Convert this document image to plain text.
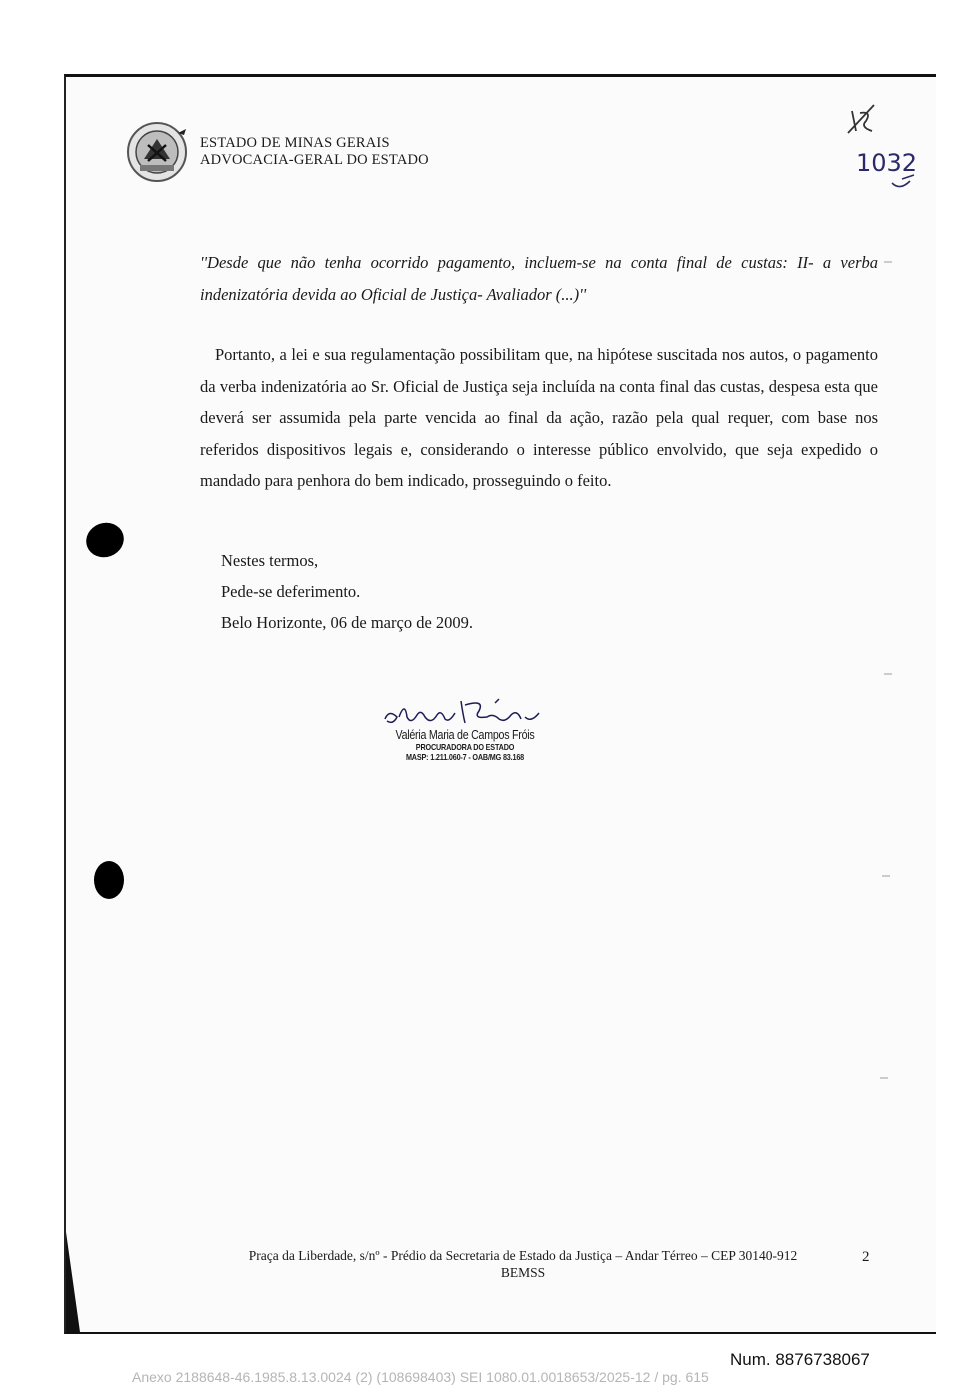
ESTADO DE MINAS GERAIS
ADVOCACIA-GERAL DO ESTADO	1032
''Desde que não tenha ocorrido pagamento, incluem-se na conta final de custas: II- a verba indenizatória devida ao Oficial de Justiça- Avaliador (...)''
Portanto, a lei e sua regulamentação possibilitam que, na hipótese suscitada nos autos, o pagamento da verba indenizatória ao Sr. Oficial de Justiça seja incluída na conta final das custas, despesa esta que deverá ser assumida pela parte vencida ao final da ação, razão pela qual requer, com base nos referidos dispositivos legais e, considerando o interesse público envolvido, que seja expedido o mandado para penhora do bem indicado, prosseguindo o feito.
Nestes termos,
Pede-se deferimento.
Belo Horizonte, 06 de março de 2009.
Valéria Maria de Campos Fróis
PROCURADORA DO ESTADO
MASP: 1.211.060-7 - OAB/MG 83.168
Praça da Liberdade, s/nº - Prédio da Secretaria de Estado da Justiça – Andar Térreo – CEP 30140-912
BEMSS
2
Num. 8876738067
Anexo 2188648-46.1985.8.13.0024 (2) (108698403) SEI 1080.01.0018653/2025-12 / pg. 615
